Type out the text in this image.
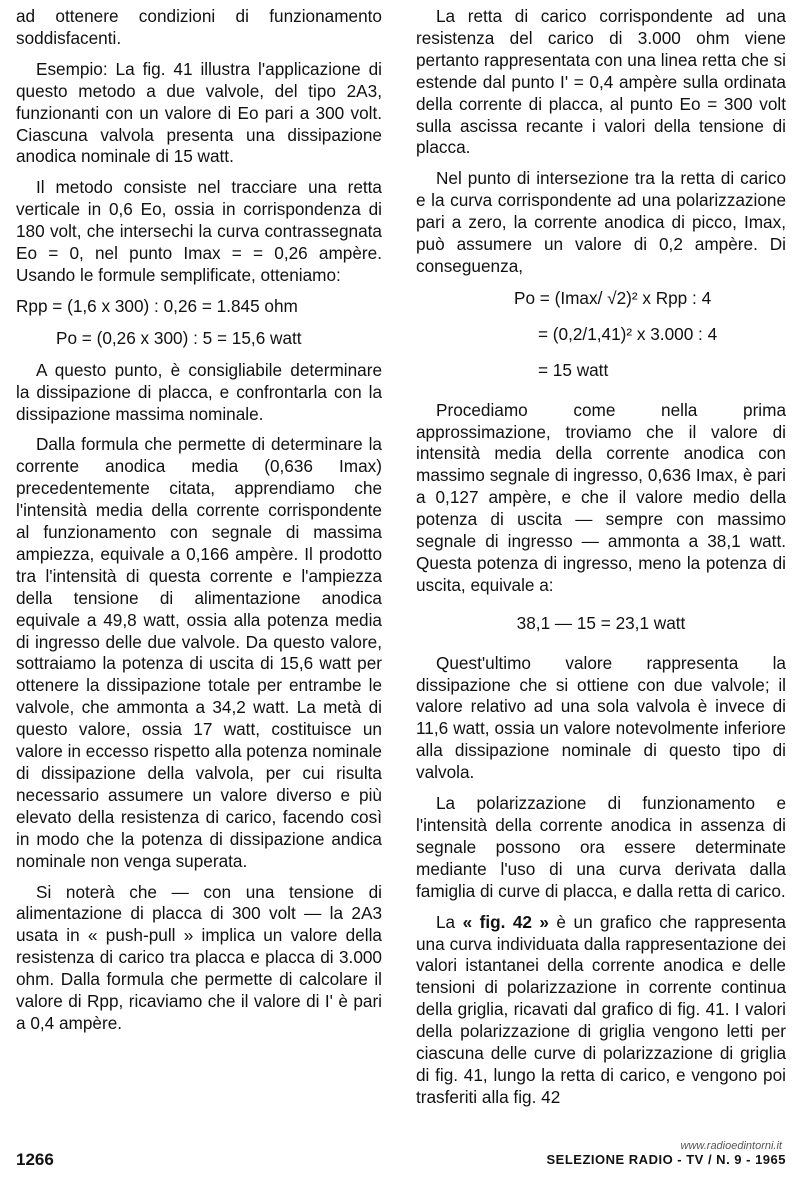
ad ottenere condizioni di funzionamento soddisfacenti.

Esempio: La fig. 41 illustra l'applicazione di questo metodo a due valvole, del tipo 2A3, funzionanti con un valore di Eo pari a 300 volt. Ciascuna valvola presenta una dissipazione anodica nominale di 15 watt.

Il metodo consiste nel tracciare una retta verticale in 0,6 Eo, ossia in corrispondenza di 180 volt, che intersechi la curva contrassegnata Eo = 0, nel punto Imax = = 0,26 ampère. Usando le formule semplificate, otteniamo:

Rpp = (1,6 x 300) : 0,26 = 1.845 ohm

Po = (0,26 x 300) : 5 = 15,6 watt

A questo punto, è consigliabile determinare la dissipazione di placca, e confrontarla con la dissipazione massima nominale.

Dalla formula che permette di determinare la corrente anodica media (0,636 Imax) precedentemente citata, apprendiamo che l'intensità media della corrente corrispondente al funzionamento con segnale di massima ampiezza, equivale a 0,166 ampère. Il prodotto tra l'intensità di questa corrente e l'ampiezza della tensione di alimentazione anodica equivale a 49,8 watt, ossia alla potenza media di ingresso delle due valvole. Da questo valore, sottraiamo la potenza di uscita di 15,6 watt per ottenere la dissipazione totale per entrambe le valvole, che ammonta a 34,2 watt. La metà di questo valore, ossia 17 watt, costituisce un valore in eccesso rispetto alla potenza nominale di dissipazione della valvola, per cui risulta necessario assumere un valore diverso e più elevato della resistenza di carico, facendo così in modo che la potenza di dissipazione andica nominale non venga superata.

Si noterà che — con una tensione di alimentazione di placca di 300 volt — la 2A3 usata in « push-pull » implica un valore della resistenza di carico tra placca e placca di 3.000 ohm. Dalla formula che permette di calcolare il valore di Rpp, ricaviamo che il valore di I' è pari a 0,4 ampère.

La retta di carico corrispondente ad una resistenza del carico di 3.000 ohm viene pertanto rappresentata con una linea retta che si estende dal punto I' = 0,4 ampère sulla ordinata della corrente di placca, al punto Eo = 300 volt sulla ascissa recante i valori della tensione di placca.

Nel punto di intersezione tra la retta di carico e la curva corrispondente ad una polarizzazione pari a zero, la corrente anodica di picco, Imax, può assumere un valore di 0,2 ampère. Di conseguenza,

Po = (Imax/ √2)² x Rpp : 4

= (0,2/1,41)² x 3.000 : 4

= 15 watt

Procediamo come nella prima approssimazione, troviamo che il valore di intensità media della corrente anodica con massimo segnale di ingresso, 0,636 Imax, è pari a 0,127 ampère, e che il valore medio della potenza di uscita — sempre con massimo segnale di ingresso — ammonta a 38,1 watt. Questa potenza di ingresso, meno la potenza di uscita, equivale a:

38,1 — 15 = 23,1 watt

Quest'ultimo valore rappresenta la dissipazione che si ottiene con due valvole; il valore relativo ad una sola valvola è invece di 11,6 watt, ossia un valore notevolmente inferiore alla dissipazione nominale di questo tipo di valvola.

La polarizzazione di funzionamento e l'intensità della corrente anodica in assenza di segnale possono ora essere determinate mediante l'uso di una curva derivata dalla famiglia di curve di placca, e dalla retta di carico.

La « fig. 42 » è un grafico che rappresenta una curva individuata dalla rappresentazione dei valori istantanei della corrente anodica e delle tensioni di polarizzazione in corrente continua della griglia, ricavati dal grafico di fig. 41. I valori della polarizzazione di griglia vengono letti per ciascuna delle curve di polarizzazione di griglia di fig. 41, lungo la retta di carico, e vengono poi trasferiti alla fig. 42

1266
www.radioedintorni.it
SELEZIONE RADIO - TV / N. 9 - 1965
